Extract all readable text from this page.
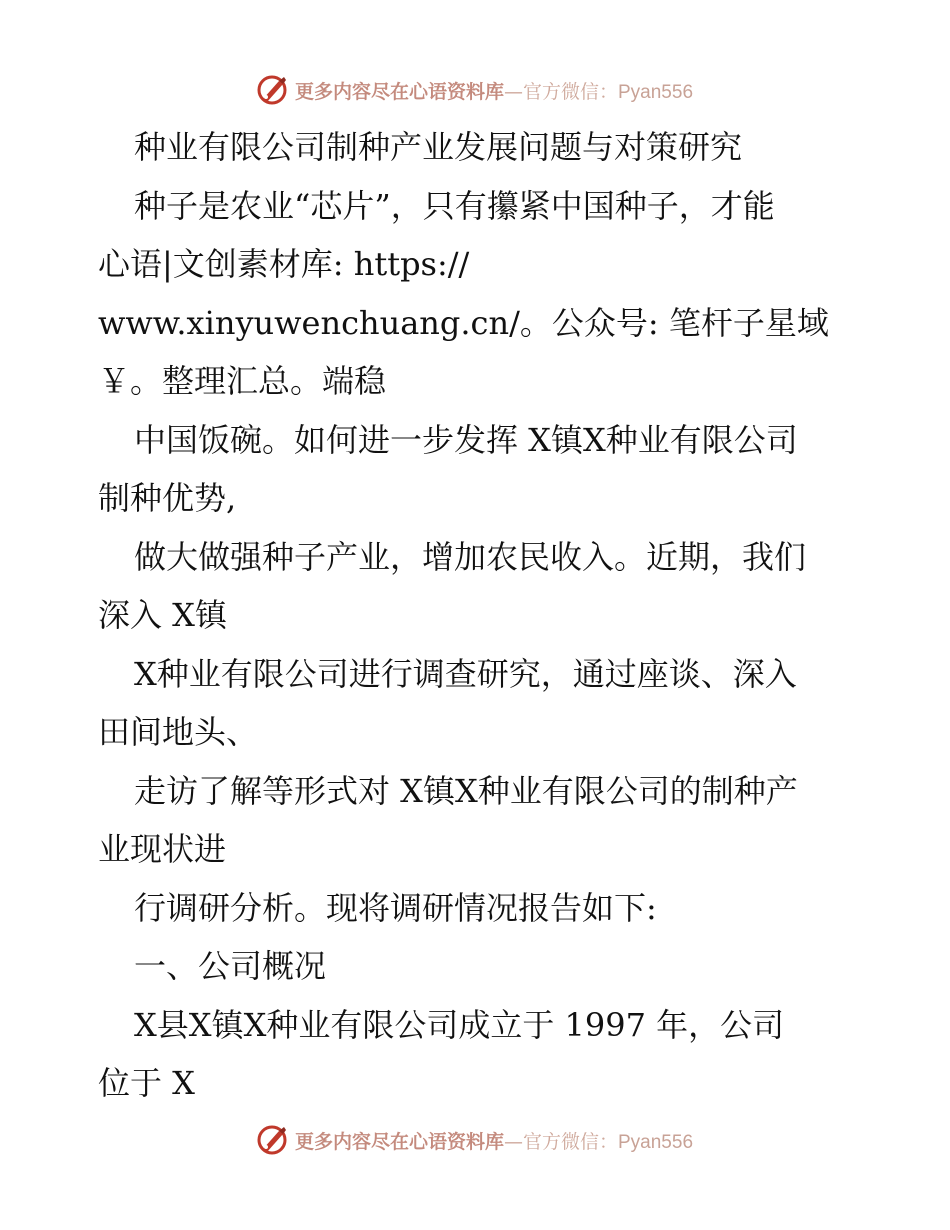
更多内容尽在心语资料库—官方微信：Pyan556
种业有限公司制种产业发展问题与对策研究
种子是农业“芯片”，只有攥紧中国种子，才能
心语|文创素材库: https://
www.xinyuwenchuang.cn/。公众号: 笔杆子星域
￥。整理汇总。端稳
中国饭碗。如何进一步发挥 X镇X种业有限公司
制种优势,
做大做强种子产业，增加农民收入。近期，我们
深入 X镇
X种业有限公司进行调查研究，通过座谈、深入
田间地头、
走访了解等形式对 X镇X种业有限公司的制种产
业现状进
行调研分析。现将调研情况报告如下:
一、公司概况
X县X镇X种业有限公司成立于 1997 年，公司
位于 X
更多内容尽在心语资料库—官方微信：Pyan556
